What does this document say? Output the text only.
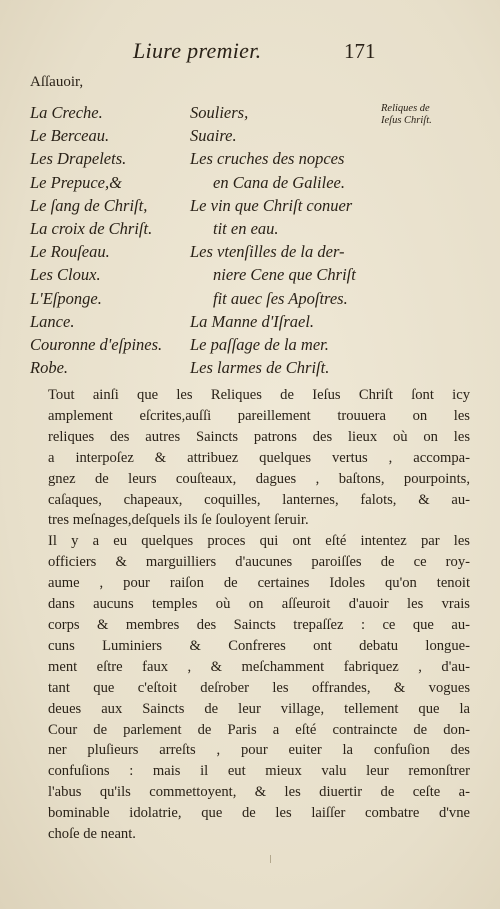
Liure premier.	171
Aſſauoir,
La Creche.
Le Berceau.
Les Drapelets.
Le Prepuce,&
Le ſang de Chriſt,
La croix de Chriſt.
Le Rouſeau.
Les Cloux.
L'Eſponge.
Lance.
Couronne d'eſpines.
Robe.
Souliers,
Suaire.
Les cruches des nopces
en Cana de Galilee.
Le vin que Chriſt conuer
tit en eau.
Les vtenſilles de la der-
niere Cene que Chriſt
fit auec ſes Apoſtres.
La Manne d'Iſrael.
Le paſſage de la mer.
Les larmes de Chriſt.
Reliques de
Ieſus Chriſt.

Tout ainſi que les Reliques de Ieſus Chriſt ſont icy
amplement eſcrites,auſſi pareillement trouuera on les
reliques des autres Saincts patrons des lieux où on les
a interpoſez & attribuez quelques vertus , accompa-
gnez de leurs couſteaux, dagues , baſtons, pourpoints,
caſaques, chapeaux, coquilles, lanternes, falots, & au-
tres meſnages,deſquels ils ſe ſouloyent ſeruir.

Il y a eu quelques proces qui ont eſté intentez par les
officiers & marguilliers d'aucunes paroiſſes de ce roy-
aume , pour raiſon de certaines Idoles qu'on tenoit
dans aucuns temples où on aſſeuroit d'auoir les vrais
corps & membres des Saincts trepaſſez : ce que au-
cuns Luminiers & Confreres ont debatu longue-
ment eſtre faux , & meſchamment fabriquez , d'au-
tant que c'eſtoit deſrober les offrandes, & vogues
deues aux Saincts de leur village, tellement que la
Cour de parlement de Paris a eſté contraincte de don-
ner pluſieurs arreſts , pour euiter la confuſion des
confuſions : mais il eut mieux valu leur remonſtrer
l'abus qu'ils commettoyent, & les diuertir de ceſte a-
bominable idolatrie, que de les laiſſer combatre d'vne
choſe de neant.
